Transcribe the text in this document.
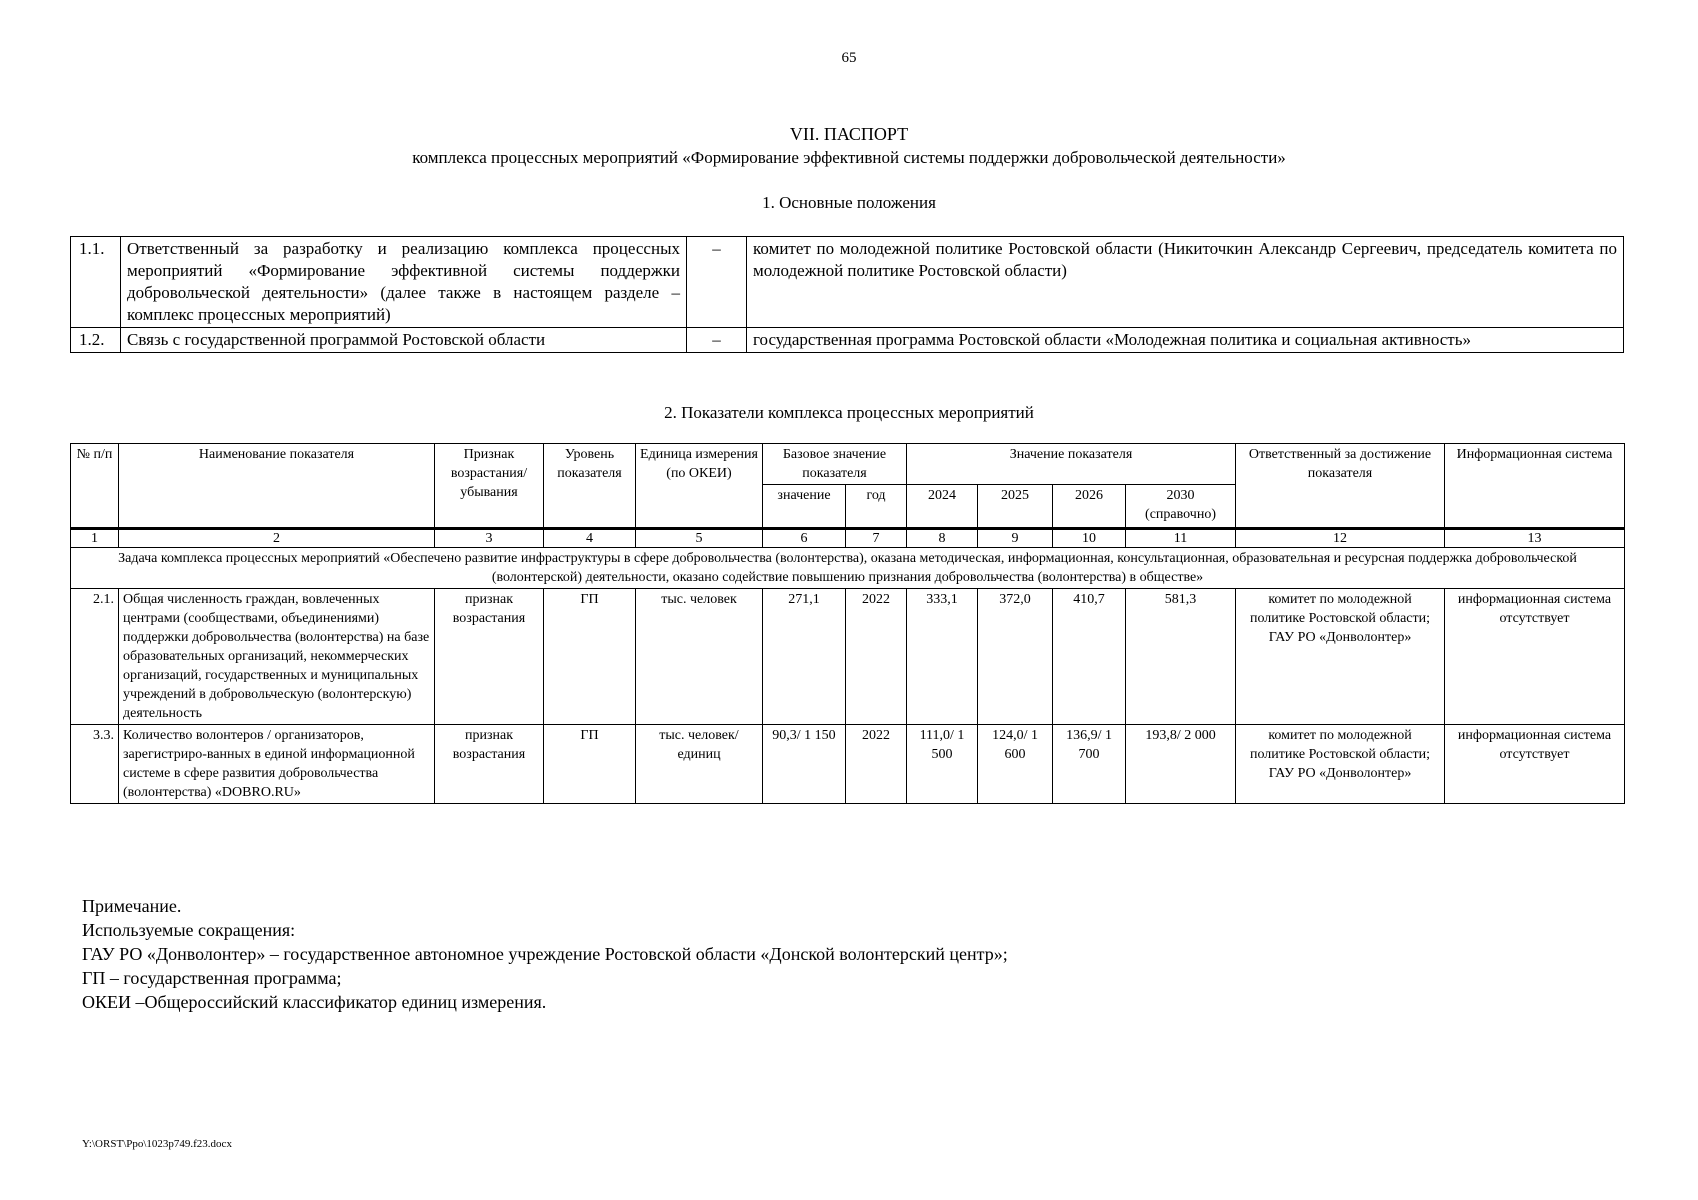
65
VII. ПАСПОРТ
комплекса процессных мероприятий «Формирование эффективной системы поддержки добровольческой деятельности»
1. Основные положения
1.1.	Ответственный за разработку и реализацию комплекса процессных мероприятий «Формирование эффективной системы поддержки добровольческой деятельности» (далее также в настоящем разделе – комплекс процессных мероприятий)	–	комитет по молодежной политике Ростовской области (Никиточкин Александр Сергеевич, председатель комитета по молодежной политике Ростовской области)
1.2.	Связь с государственной программой Ростовской области	–	государственная программа Ростовской области «Молодежная политика и социальная активность»
2. Показатели комплекса процессных мероприятий
№ п/п	Наименование показателя	Признак возрастания/ убывания	Уровень показателя	Единица измерения (по ОКЕИ)	Базовое значение показателя		Значение показателя				Ответственный за достижение показателя	Информационная система
					значение	год	2024	2025	2026	2030 (справочно)		
1	2	3	4	5	6	7	8	9	10	11	12	13
Задача комплекса процессных мероприятий «Обеспечено развитие инфраструктуры в сфере добровольчества (волонтерства), оказана методическая, информационная, консультационная, образовательная и ресурсная поддержка добровольческой (волонтерской) деятельности, оказано содействие повышению признания добровольчества (волонтерства) в обществе»												
2.1.	Общая численность граждан, вовлеченных центрами (сообществами, объединениями) поддержки добровольчества (волонтерства) на базе образовательных организаций, некоммерческих организаций, государственных и муниципальных учреждений в добровольческую (волонтерскую) деятельность	признак возрастания	ГП	тыс. человек	271,1	2022	333,1	372,0	410,7	581,3	комитет по молодежной политике Ростовской области; ГАУ РО «Донволонтер»	информационная система отсутствует
3.3.	Количество волонтеров / организаторов, зарегистриро-ванных в единой информационной системе в сфере развития добровольчества (волонтерства) «DOBRO.RU»	признак возрастания	ГП	тыс. человек/ единиц	90,3/ 1 150	2022	111,0/ 1 500	124,0/ 1 600	136,9/ 1 700	193,8/ 2 000	комитет по молодежной политике Ростовской области; ГАУ РО «Донволонтер»	информационная система отсутствует
Примечание.
Используемые сокращения:
ГАУ РО «Донволонтер» – государственное автономное учреждение Ростовской области «Донской волонтерский центр»;
ГП – государственная программа;
ОКЕИ –Общероссийский классификатор единиц измерения.
Y:\ORST\Ppo\1023p749.f23.docx
